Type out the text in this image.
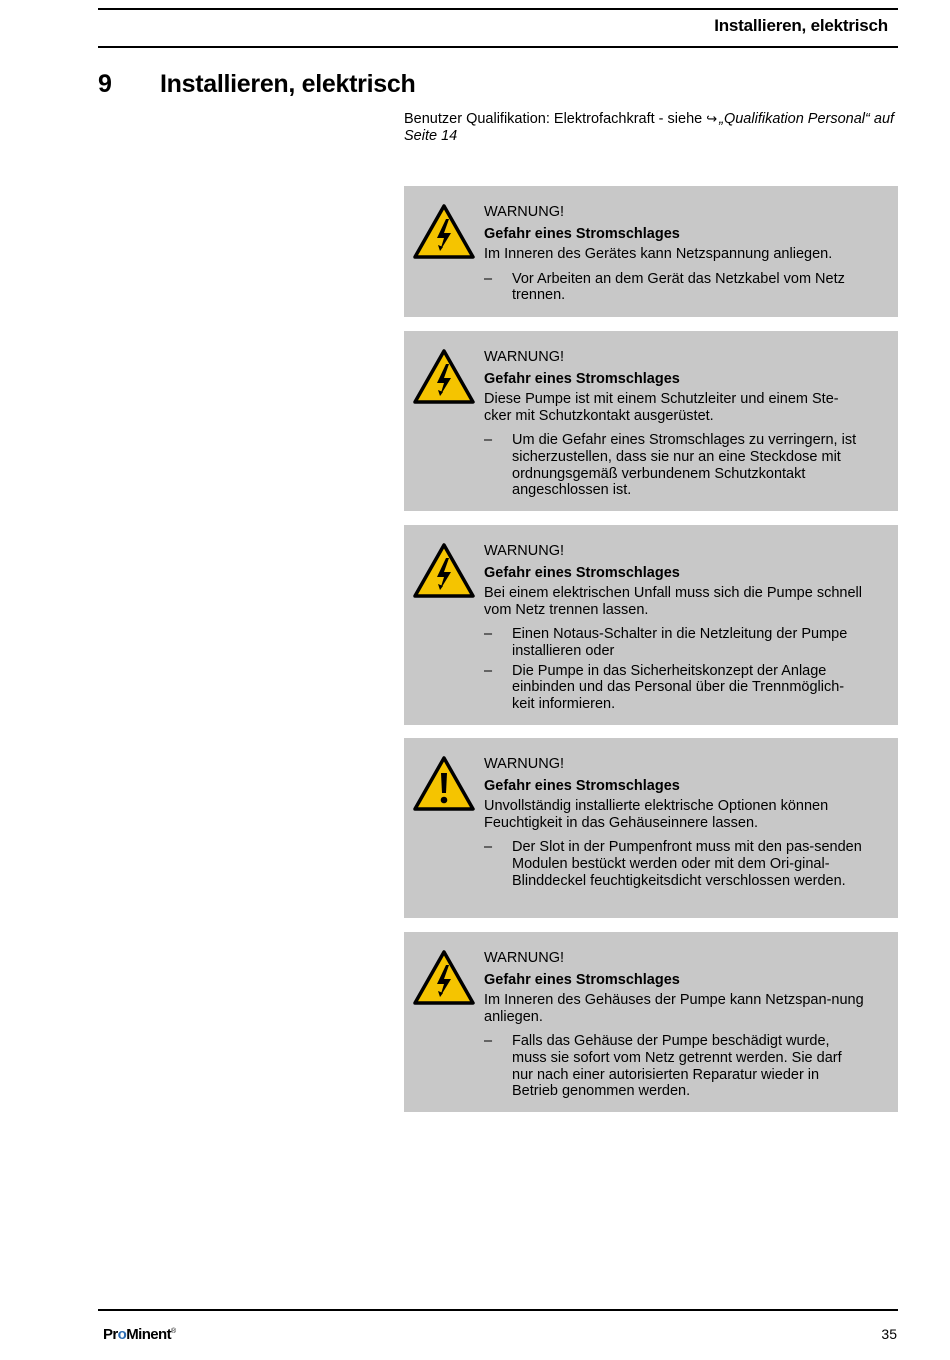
Installieren, elektrisch
9 Installieren, elektrisch
Benutzer Qualifikation: Elektrofachkraft - siehe ↪ „Qualifikation Personal“ auf Seite 14
WARNUNG!
Gefahr eines Stromschlages
Im Inneren des Gerätes kann Netzspannung anliegen.
– Vor Arbeiten an dem Gerät das Netzkabel vom Netz trennen.
WARNUNG!
Gefahr eines Stromschlages
Diese Pumpe ist mit einem Schutzleiter und einem Ste-cker mit Schutzkontakt ausgerüstet.
– Um die Gefahr eines Stromschlages zu verringern, ist sicherzustellen, dass sie nur an eine Steckdose mit ordnungsgemäß verbundenem Schutzkontakt angeschlossen ist.
WARNUNG!
Gefahr eines Stromschlages
Bei einem elektrischen Unfall muss sich die Pumpe schnell vom Netz trennen lassen.
– Einen Notaus-Schalter in die Netzleitung der Pumpe installieren oder
– Die Pumpe in das Sicherheitskonzept der Anlage einbinden und das Personal über die Trennmöglich-keit informieren.
WARNUNG!
Gefahr eines Stromschlages
Unvollständig installierte elektrische Optionen können Feuchtigkeit in das Gehäuseinnere lassen.
– Der Slot in der Pumpenfront muss mit den pas-senden Modulen bestückt werden oder mit dem Ori-ginal-Blinddeckel feuchtigkeitsdicht verschlossen werden.
WARNUNG!
Gefahr eines Stromschlages
Im Inneren des Gehäuses der Pumpe kann Netzspan-nung anliegen.
– Falls das Gehäuse der Pumpe beschädigt wurde, muss sie sofort vom Netz getrennt werden. Sie darf nur nach einer autorisierten Reparatur wieder in Betrieb genommen werden.
ProMinent®	35
